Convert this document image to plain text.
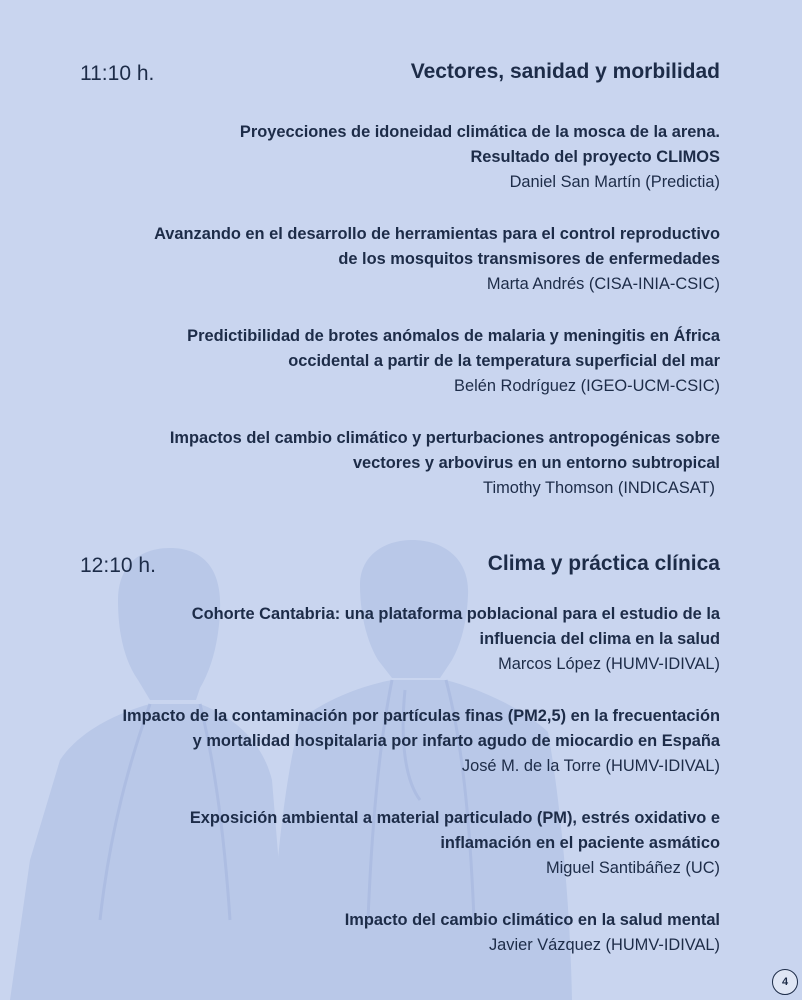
11:10 h.	Vectores, sanidad y morbilidad
Proyecciones de idoneidad climática de la mosca de la arena.
Resultado del proyecto CLIMOS
Daniel San Martín (Predictia)
Avanzando en el desarrollo de herramientas para el control reproductivo
de los mosquitos transmisores de enfermedades
Marta Andrés (CISA-INIA-CSIC)
Predictibilidad de brotes anómalos de malaria y meningitis en África
occidental a partir de la temperatura superficial del mar
Belén Rodríguez (IGEO-UCM-CSIC)
Impactos del cambio climático y perturbaciones antropogénicas sobre
vectores y arbovirus en un entorno subtropical
Timothy Thomson (INDICASAT)
12:10 h.	Clima y práctica clínica
Cohorte Cantabria: una plataforma poblacional para el estudio de la
influencia del clima en la salud
Marcos López (HUMV-IDIVAL)
Impacto de la contaminación por partículas finas (PM2,5) en la frecuentación
y mortalidad hospitalaria por infarto agudo de miocardio en España
José M. de la Torre (HUMV-IDIVAL)
Exposición ambiental a material particulado (PM), estrés oxidativo e
inflamación en el paciente asmático
Miguel Santibáñez (UC)
Impacto del cambio climático en la salud mental
Javier Vázquez (HUMV-IDIVAL)
4
